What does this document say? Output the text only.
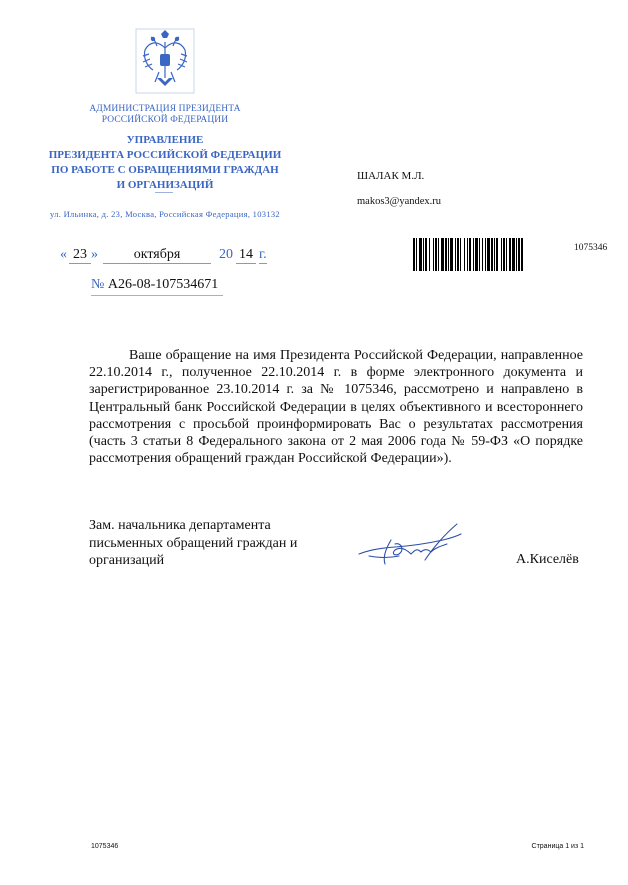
АДМИНИСТРАЦИЯ ПРЕЗИДЕНТА
РОССИЙСКОЙ ФЕДЕРАЦИИ
УПРАВЛЕНИЕ
ПРЕЗИДЕНТА РОССИЙСКОЙ ФЕДЕРАЦИИ
ПО РАБОТЕ С ОБРАЩЕНИЯМИ ГРАЖДАН
И ОРГАНИЗАЦИЙ
ул. Ильинка, д. 23, Москва, Российская Федерация, 103132
ШАЛАК М.Л.
makos3@yandex.ru
1075346
« 23 »	октября	20 14 г.
№ А26-08-107534671
Ваше обращение на имя Президента Российской Федерации, направленное 22.10.2014 г., полученное 22.10.2014 г. в форме электронного документа и зарегистрированное 23.10.2014 г. за № 1075346, рассмотрено и направлено в Центральный банк Российской Федерации в целях объективного и всестороннего рассмотрения с просьбой проинформировать Вас о результатах рассмотрения (часть 3 статьи 8 Федерального закона от 2 мая 2006 года № 59-ФЗ «О порядке рассмотрения обращений граждан Российской Федерации»).
Зам. начальника департамента
письменных обращений граждан и
организаций	А.Киселёв
1075346	Страница 1 из 1
